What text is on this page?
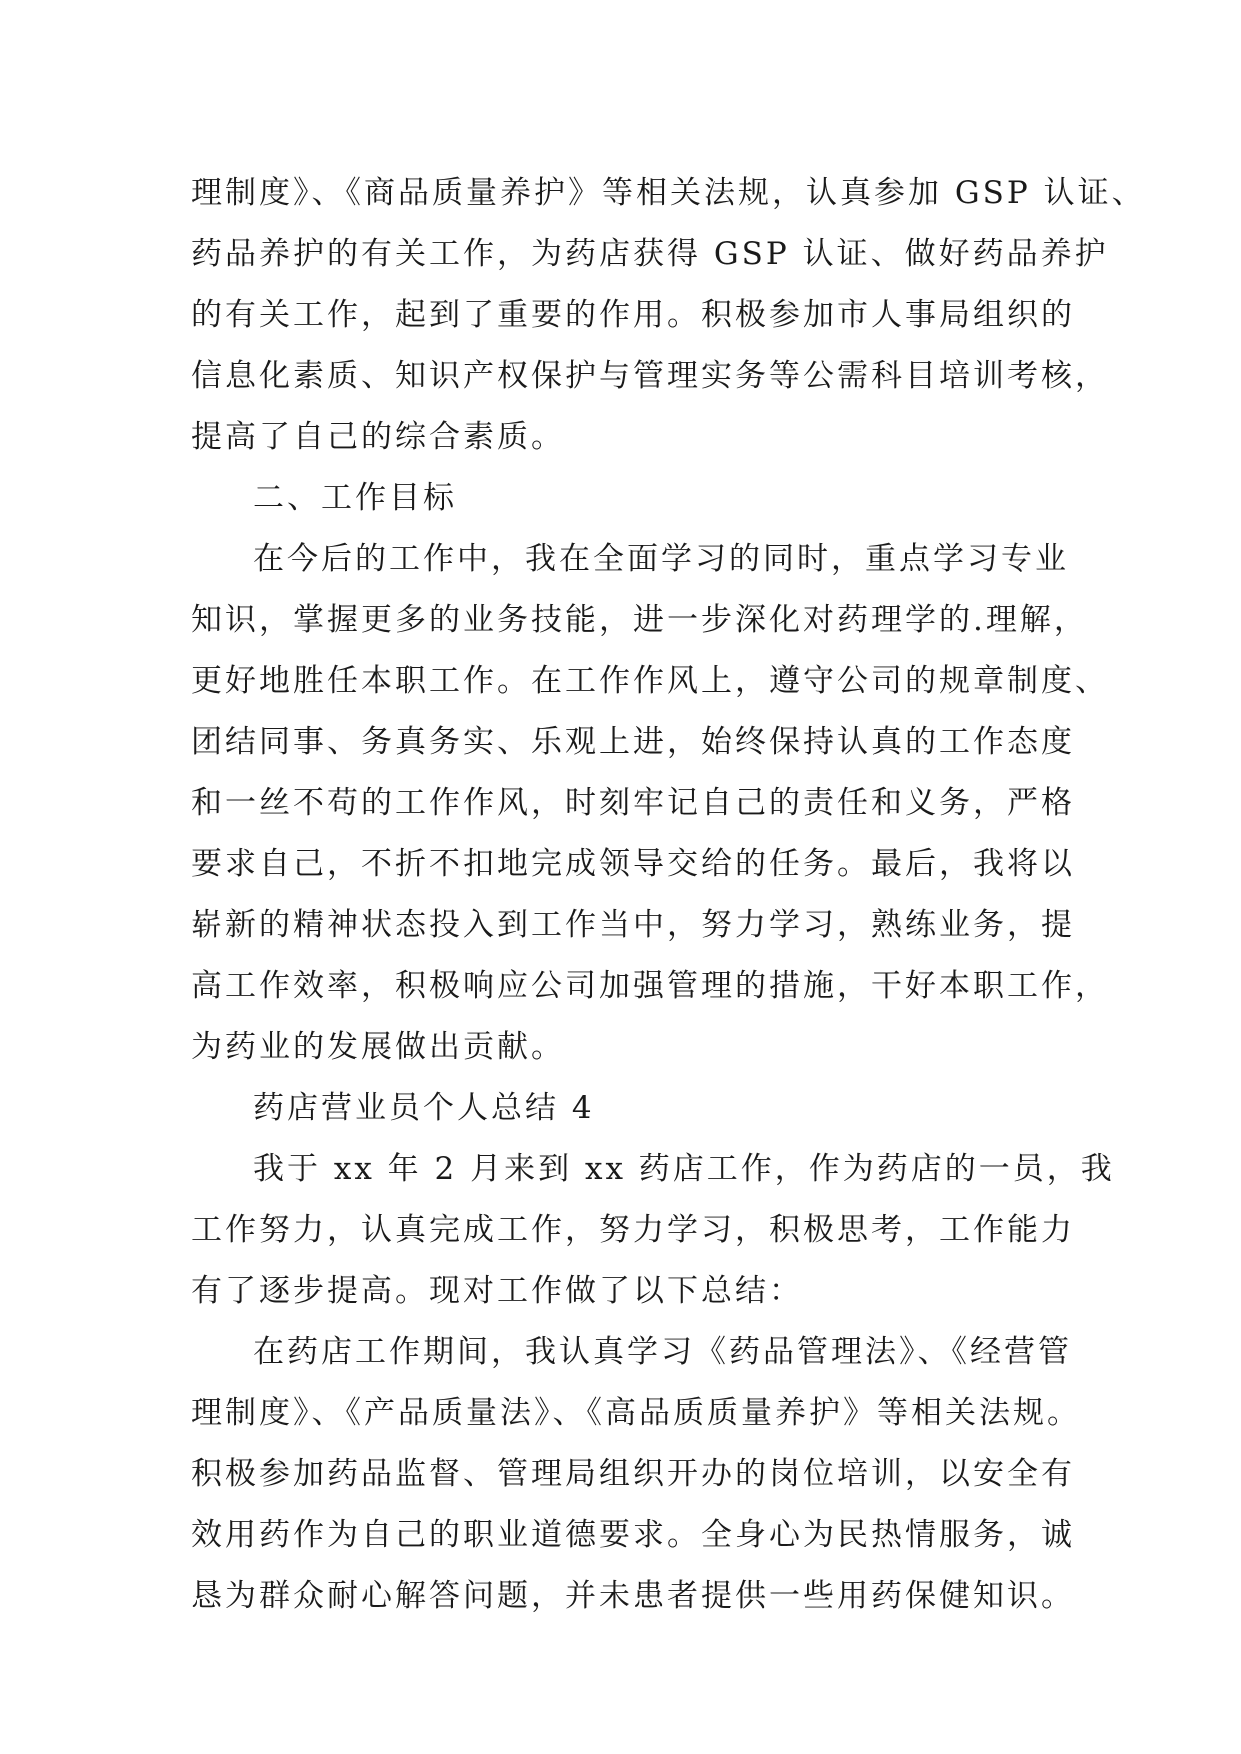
理制度》、《商品质量养护》等相关法规，认真参加 GSP 认证、
药品养护的有关工作，为药店获得 GSP 认证、做好药品养护
的有关工作，起到了重要的作用。积极参加市人事局组织的
信息化素质、知识产权保护与管理实务等公需科目培训考核，
提高了自己的综合素质。
二、工作目标
在今后的工作中，我在全面学习的同时，重点学习专业
知识，掌握更多的业务技能，进一步深化对药理学的.理解，
更好地胜任本职工作。在工作作风上，遵守公司的规章制度、
团结同事、务真务实、乐观上进，始终保持认真的工作态度
和一丝不苟的工作作风，时刻牢记自己的责任和义务，严格
要求自己，不折不扣地完成领导交给的任务。最后，我将以
崭新的精神状态投入到工作当中，努力学习，熟练业务，提
高工作效率，积极响应公司加强管理的措施，干好本职工作，
为药业的发展做出贡献。
药店营业员个人总结 4
我于 xx 年 2 月来到 xx 药店工作，作为药店的一员，我
工作努力，认真完成工作，努力学习，积极思考，工作能力
有了逐步提高。现对工作做了以下总结：
在药店工作期间，我认真学习《药品管理法》、《经营管
理制度》、《产品质量法》、《高品质质量养护》等相关法规。
积极参加药品监督、管理局组织开办的岗位培训，以安全有
效用药作为自己的职业道德要求。全身心为民热情服务，诚
恳为群众耐心解答问题，并未患者提供一些用药保健知识。
